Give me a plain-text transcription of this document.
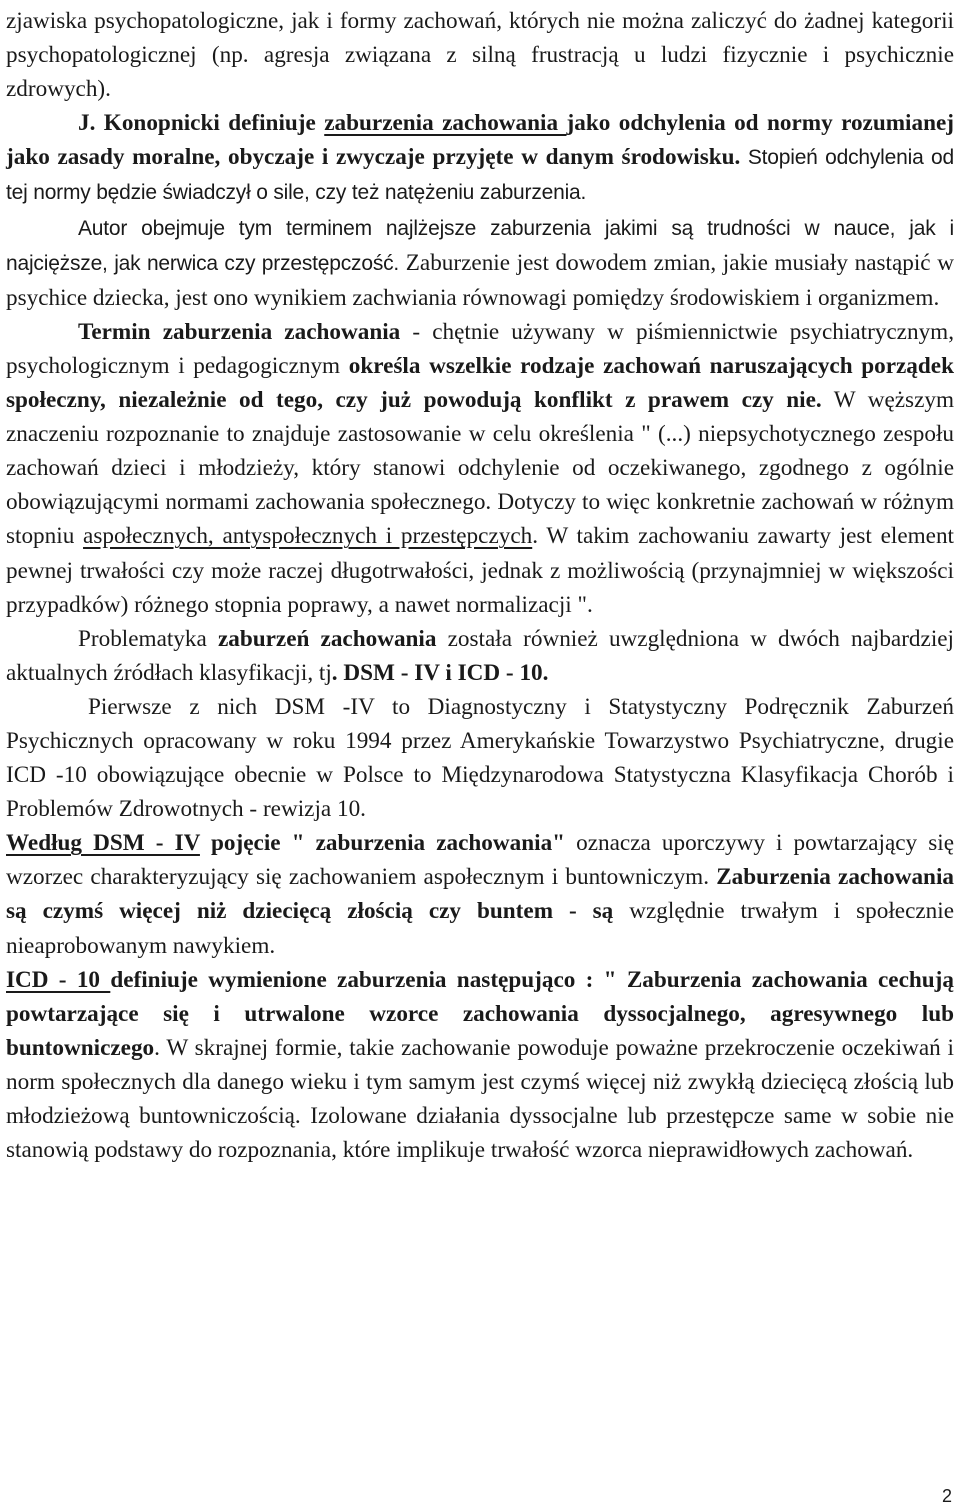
zjawiska psychopatologiczne, jak i formy zachowań, których nie można zaliczyć do żadnej kategorii psychopatologicznej (np. agresja związana z silną frustracją u ludzi fizycznie i psychicznie zdrowych).

J. Konopnicki definiuje zaburzenia zachowania jako odchylenia od normy rozumianej jako zasady moralne, obyczaje i zwyczaje przyjęte w danym środowisku. Stopień odchylenia od tej normy będzie świadczył o sile, czy też natężeniu zaburzenia.

Autor obejmuje tym terminem najlżejsze zaburzenia jakimi są trudności w nauce, jak i najcięższe, jak nerwica czy przestępczość. Zaburzenie jest dowodem zmian, jakie musiały nastąpić w psychice dziecka, jest ono wynikiem zachwiania równowagi pomiędzy środowiskiem i organizmem.

Termin zaburzenia zachowania - chętnie używany w piśmiennictwie psychiatrycznym, psychologicznym i pedagogicznym określa wszelkie rodzaje zachowań naruszających porządek społeczny, niezależnie od tego, czy już powodują konflikt z prawem czy nie. W węższym znaczeniu rozpoznanie to znajduje zastosowanie w celu określenia " (...) niepsychotycznego zespołu zachowań dzieci i młodzieży, który stanowi odchylenie od oczekiwanego, zgodnego z ogólnie obowiązującymi normami zachowania społecznego. Dotyczy to więc konkretnie zachowań w różnym stopniu aspołecznych, antyspołecznych i przestępczych. W takim zachowaniu zawarty jest element pewnej trwałości czy może raczej długotrwałości, jednak z możliwością (przynajmniej w większości przypadków) różnego stopnia poprawy, a nawet normalizacji ".

Problematyka zaburzeń zachowania została również uwzględniona w dwóch najbardziej aktualnych źródłach klasyfikacji, tj. DSM - IV i ICD - 10.

Pierwsze z nich DSM -IV to Diagnostyczny i Statystyczny Podręcznik Zaburzeń Psychicznych opracowany w roku 1994 przez Amerykańskie Towarzystwo Psychiatryczne, drugie ICD -10 obowiązujące obecnie w Polsce to Międzynarodowa Statystyczna Klasyfikacja Chorób i Problemów Zdrowotnych - rewizja 10.

Według DSM - IV pojęcie " zaburzenia zachowania" oznacza uporczywy i powtarzający się wzorzec charakteryzujący się zachowaniem aspołecznym i buntowniczym. Zaburzenia zachowania są czymś więcej niż dziecięcą złością czy buntem - są względnie trwałym i społecznie nieaprobowanym nawykiem.

ICD - 10 definiuje wymienione zaburzenia następująco : " Zaburzenia zachowania cechują powtarzające się i utrwalone wzorce zachowania dyssocjalnego, agresywnego lub buntowniczego. W skrajnej formie, takie zachowanie powoduje poważne przekroczenie oczekiwań i norm społecznych dla danego wieku i tym samym jest czymś więcej niż zwykłą dziecięcą złością lub młodzieżową buntowniczością. Izolowane działania dyssocjalne lub przestępcze same w sobie nie stanowią podstawy do rozpoznania, które implikuje trwałość wzorca nieprawidłowych zachowań.

2
